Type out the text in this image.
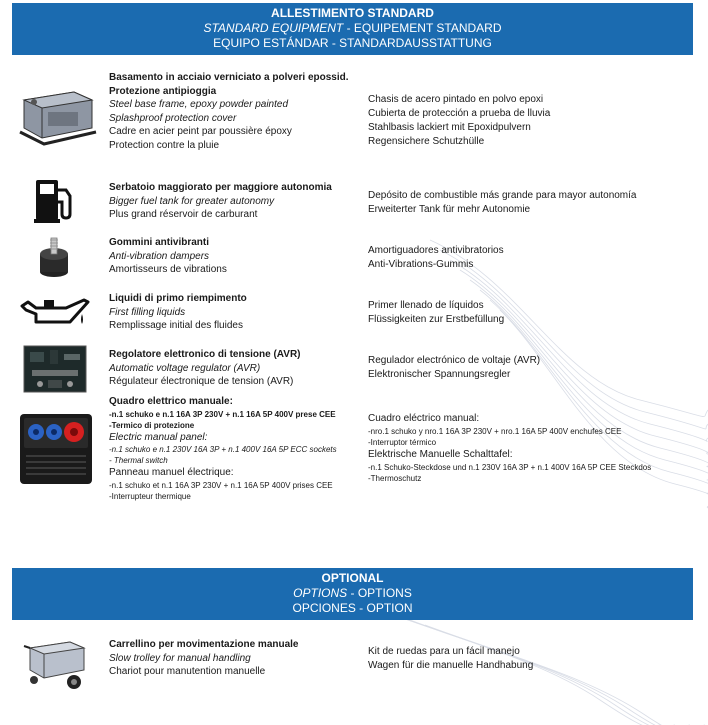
ALLESTIMENTO STANDARD
STANDARD EQUIPMENT - EQUIPEMENT STANDARD
EQUIPO ESTÁNDAR - STANDARDAUSSTATTUNG
Basamento in acciaio verniciato a polveri epossid.
Protezione antipioggia
Steel base frame, epoxy powder painted
Splashproof protection cover
Cadre en acier peint par poussière époxy
Protection contre la pluie
Chasis de acero pintado en polvo epoxi
Cubierta de protección a prueba de lluvia
Stahlbasis lackiert mit Epoxidpulvern
Regensichere Schutzhülle
Serbatoio maggiorato per maggiore autonomia
Bigger fuel tank for greater autonomy
Plus grand réservoir de carburant
Depósito de combustible más grande para mayor autonomía
Erweiterter Tank für mehr Autonomie
Gommini antivibranti
Anti-vibration dampers
Amortisseurs de vibrations
Amortiguadores antivibratorios
Anti-Vibrations-Gummis
Liquidi di primo riempimento
First filling liquids
Remplissage initial des fluides
Primer llenado de líquidos
Flüssigkeiten zur Erstbefüllung
Regolatore elettronico di tensione (AVR)
Automatic voltage regulator (AVR)
Régulateur électronique de tension (AVR)
Regulador electrónico de voltaje (AVR)
Elektronischer Spannungsregler
Quadro elettrico manuale:
-n.1 schuko e n.1 16A 3P 230V + n.1 16A 5P 400V prese CEE
-Termico di protezione
Electric manual panel:
-n.1 schuko e n.1 230V 16A 3P + n.1 400V 16A 5P ECC sockets
- Thermal switch
Panneau manuel électrique:
-n.1 schuko et n.1 16A 3P 230V + n.1 16A 5P 400V prises CEE
-Interrupteur thermique
Cuadro eléctrico manual:
-nro.1 schuko y nro.1 16A 3P 230V + nro.1 16A 5P 400V enchufes CEE
-Interruptor térmico
Elektrische Manuelle Schalttafel:
-n.1 Schuko-Steckdose und n.1 230V 16A 3P + n.1 400V 16A 5P CEE Steckdos
-Thermoschutz
OPTIONAL
OPTIONS - OPTIONS
OPCIONES - OPTION
Carrellino per movimentazione manuale
Slow trolley for manual handling
Chariot pour manutention manuelle
Kit de ruedas para un fácil manejo
Wagen für die manuelle Handhabung
